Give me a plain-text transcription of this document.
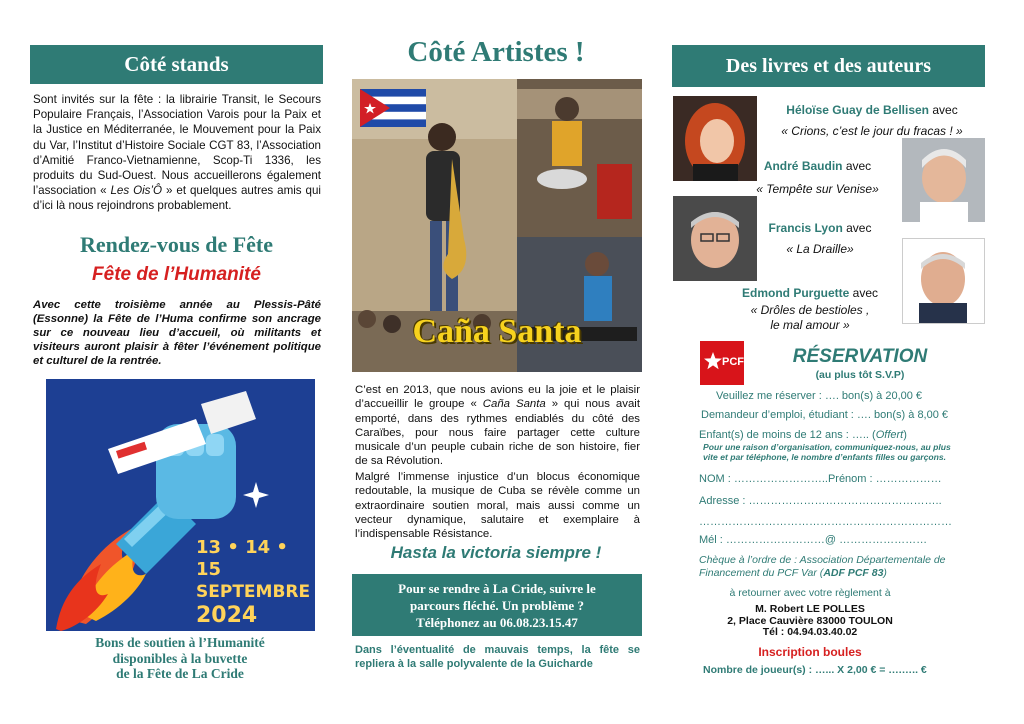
Côté stands
Sont invités sur la fête : la librairie Transit, le Secours Populaire Français, l’Association Varois pour la Paix et la Justice en Méditerranée, le Mouvement pour la Paix du Var, l’Institut d’Histoire Sociale CGT 83, l’Association d’Amitié Franco-Vietnamienne, Scop-Ti 1336, les produits du Sud-Ouest. Nous accueillerons également l’association « Les Ois’Ô » et quelques autres amis qui d’ici là nous rejoindrons probablement.
Rendez-vous de Fête
Fête de l’Humanité
Avec cette troisième année au Plessis-Pâté (Essonne) la Fête de l’Huma confirme son ancrage sur ce nouveau lieu d’accueil, où militants et visiteurs auront plaisir à fêter l’événement politique et culturel de la rentrée.
13 • 14 • 15
SEPTEMBRE
2024
Bons de soutien à l’Humanité
disponibles à la buvette
de la Fête de La Cride
Côté Artistes !
Caña Santa
C’est en 2013, que nous avions eu la joie et le plaisir d’accueillir le groupe « Caña Santa » qui nous avait emporté, dans des rythmes endiablés du côté des Caraïbes, pour nous faire partager cette culture musicale d’un peuple cubain riche de son histoire, fier de sa Révolution.
Malgré l’immense injustice d’un blocus économique redoutable, la musique de Cuba se révèle comme un extraordinaire soutien moral, mais aussi comme un vecteur dynamique, salutaire et exemplaire à l’indispensable Résistance.
Hasta la victoria siempre !
Pour se rendre à La Cride, suivre le
parcours fléché. Un problème ?
Téléphonez au 06.08.23.15.47
Dans l’éventualité de mauvais temps, la fête se repliera à la salle polyvalente de la Guicharde
Des livres et des auteurs
Héloïse Guay de Bellisen avec
« Crions, c’est le jour du fracas ! »
André Baudin avec
« Tempête sur Venise»
Francis Lyon avec
« La Draille»
Edmond Purguette avec
« Drôles de bestioles ,
le mal amour »
PCF	RÉSERVATION
(au plus tôt S.V.P)
Veuillez me réserver : …. bon(s) à 20,00 €
Demandeur d’emploi, étudiant : …. bon(s) à 8,00 €
Enfant(s) de moins de 12 ans : ….. (Offert)
Pour une raison d’organisation, communiquez-nous, au plus vite et par téléphone, le nombre d’enfants filles ou garçons.
NOM : ……………………..Prénom : ………………
Adresse : ……………………………………………..
……………………………………………………………
Mél : ………………………@ ……………………
Chèque à l’ordre de : Association Départementale de
Financement du PCF Var (ADF PCF 83)
à retourner avec votre règlement à
M. Robert LE POLLES
2, Place Cauvière 83000 TOULON
Tél : 04.94.03.40.02
Inscription boules
Nombre de joueur(s) : …... X 2,00 € = ….….. €
